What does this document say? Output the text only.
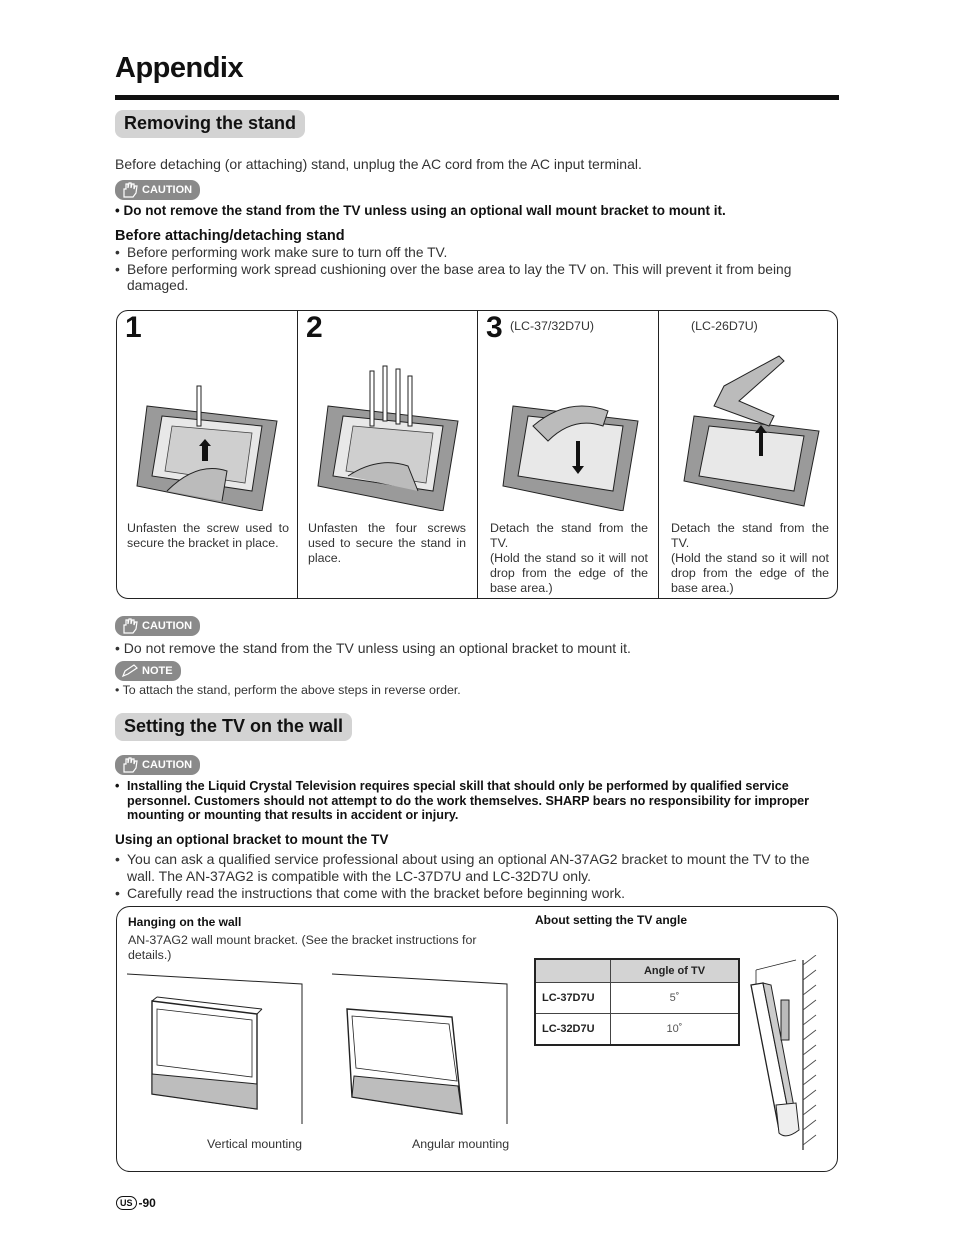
Appendix
Removing the stand
Before detaching (or attaching) stand, unplug the AC cord from the AC input terminal.
CAUTION
• Do not remove the stand from the TV unless using an optional wall mount bracket to mount it.
Before attaching/detaching stand
• Before performing work make sure to turn off the TV.
• Before performing work spread cushioning over the base area to lay the TV on. This will prevent it from being damaged.
1
Unfasten the screw used to secure the bracket in place.
2
Unfasten the four screws used to secure the stand in place.
3 (LC-37/32D7U)
Detach the stand from the TV.
(Hold the stand so it will not drop from the edge of the base area.)
(LC-26D7U)
Detach the stand from the TV.
(Hold the stand so it will not drop from the edge of the base area.)
CAUTION
• Do not remove the stand from the TV unless using an optional bracket to mount it.
NOTE
• To attach the stand, perform the above steps in reverse order.
Setting the TV on the wall
CAUTION
• Installing the Liquid Crystal Television requires special skill that should only be performed by qualified service personnel. Customers should not attempt to do the work themselves. SHARP bears no responsibility for improper mounting or mounting that results in accident or injury.
Using an optional bracket to mount the TV
• You can ask a qualified service professional about using an optional AN-37AG2 bracket to mount the TV to the wall. The AN-37AG2 is compatible with the LC-37D7U and LC-32D7U only.
• Carefully read the instructions that come with the bracket before beginning work.
Hanging on the wall
AN-37AG2 wall mount bracket. (See the bracket instructions for details.)
Vertical mounting	Angular mounting
About setting the TV angle
	Angle of TV
LC-37D7U	5˚
LC-32D7U	10˚
US -90
